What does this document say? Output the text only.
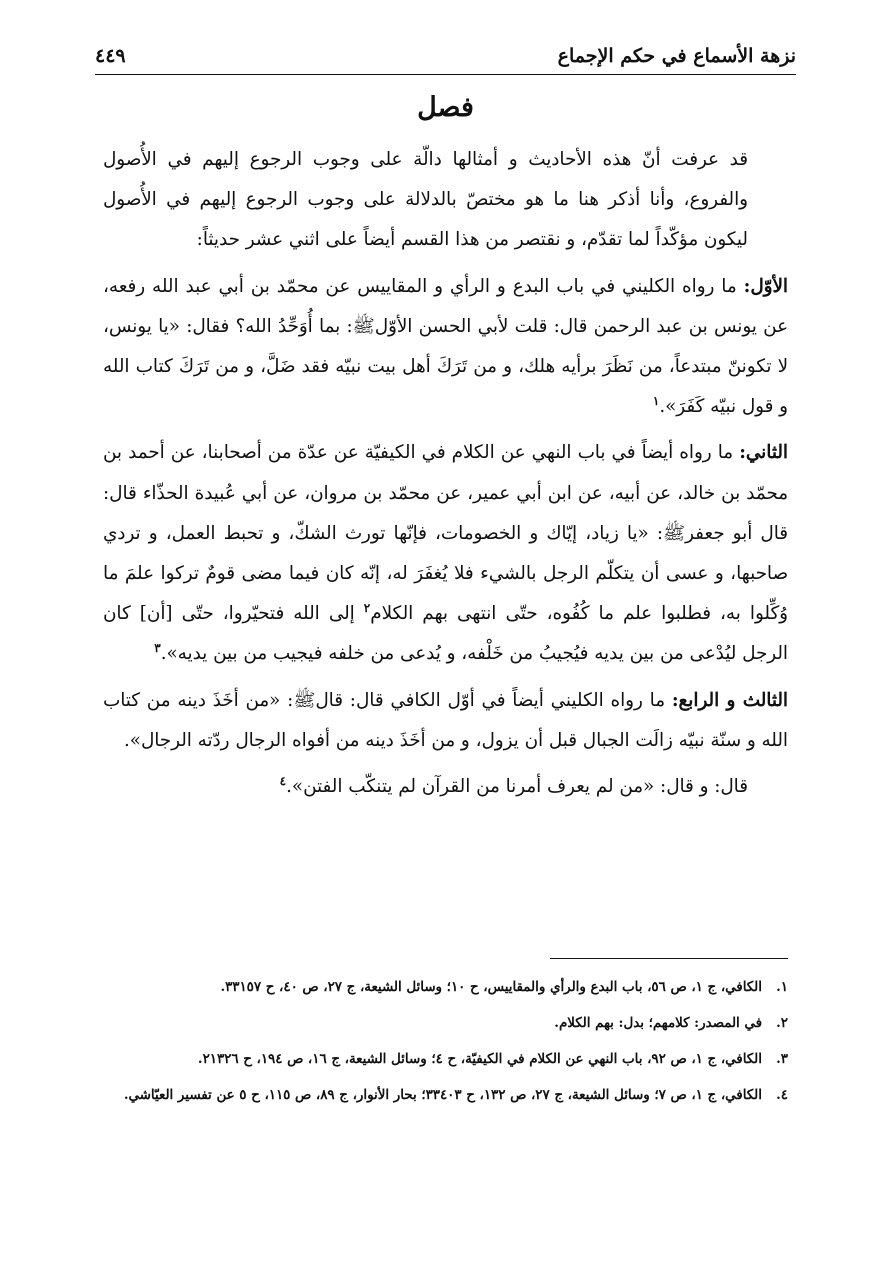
نزهة الأسماع في حكم الإجماع
٤٤٩
فصل

قد عرفت أنّ هذه الأحاديث و أمثالها دالّة على وجوب الرجوع إليهم في الأُصول والفروع، وأنا أذكر هنا ما هو مختصّ بالدلالة على وجوب الرجوع إليهم في الأُصول ليكون مؤكّداً لما تقدّم، و نقتصر من هذا القسم أيضاً على اثني عشر حديثاً:

الأوّل: ما رواه الكليني في باب البدع و الرأي و المقاييس عن محمّد بن أبي عبد الله رفعه، عن يونس بن عبد الرحمن قال: قلت لأبي الحسن الأوّل‌ﷺ: بما أُوَحِّدُ الله؟ فقال: «يا يونس، لا تكوننّ مبتدعاً، من نَظَرَ برأيه هلك، و من تَرَكَ أهل بيت نبيّه فقد ضَلَّ، و من تَرَكَ كتاب الله و قول نبيّه كَفَرَ».$^١$

الثاني: ما رواه أيضاً في باب النهي عن الكلام في الكيفيّة عن عدّة من أصحابنا، عن أحمد بن محمّد بن خالد، عن أبيه، عن ابن أبي عمير، عن محمّد بن مروان، عن أبي عُبيدة الحذّاء قال: قال أبو جعفر‌ﷺ: «يا زياد، إيّاك و الخصومات، فإنّها تورث الشكّ، و تحبط العمل، و تردي صاحبها، و عسى أن يتكلّم الرجل بالشيء فلا يُغفَرَ له، إنّه كان فيما مضى قومٌ تركوا علمَ ما وُكِّلوا به، فطلبوا علم ما كُفُوه، حتّى انتهى بهم الكلام$^٢$ إلى الله فتحيّروا، حتّى [أن] كان الرجل ليُدْعى من بين يديه فيُجيبُ من خَلْفه، و يُدعى من خلفه فيجيب من بين يديه».$^٣$

الثالث و الرابع: ما رواه الكليني أيضاً في أوّل الكافي قال: قال‌ﷺ: «من أخَذَ دينه من كتاب الله و سنّة نبيّه زالَت الجبال قبل أن يزول، و من أخَذَ دينه من أفواه الرجال ردّته الرجال».

قال: و قال: «من لم يعرف أمرنا من القرآن لم يتنكّب الفتن».$^٤$

١.
الكافي، ج ١، ص ٥٦، باب البدع والرأي والمقاييس، ح ١٠؛ وسائل الشيعة، ج ٢٧، ص ٤٠، ح ٣٣١٥٧.
٢.
في المصدر: كلامهم؛ بدل: بهم الكلام.
٣.
الكافي، ج ١، ص ٩٢، باب النهي عن الكلام في الكيفيّة، ح ٤؛ وسائل الشيعة، ج ١٦، ص ١٩٤، ح ٢١٣٢٦.
٤.
الكافي، ج ١، ص ٧؛ وسائل الشيعة، ج ٢٧، ص ١٣٢، ح ٣٣٤٠٣؛ بحار الأنوار، ج ٨٩، ص ١١٥، ح ٥ عن تفسير العيّاشي.
